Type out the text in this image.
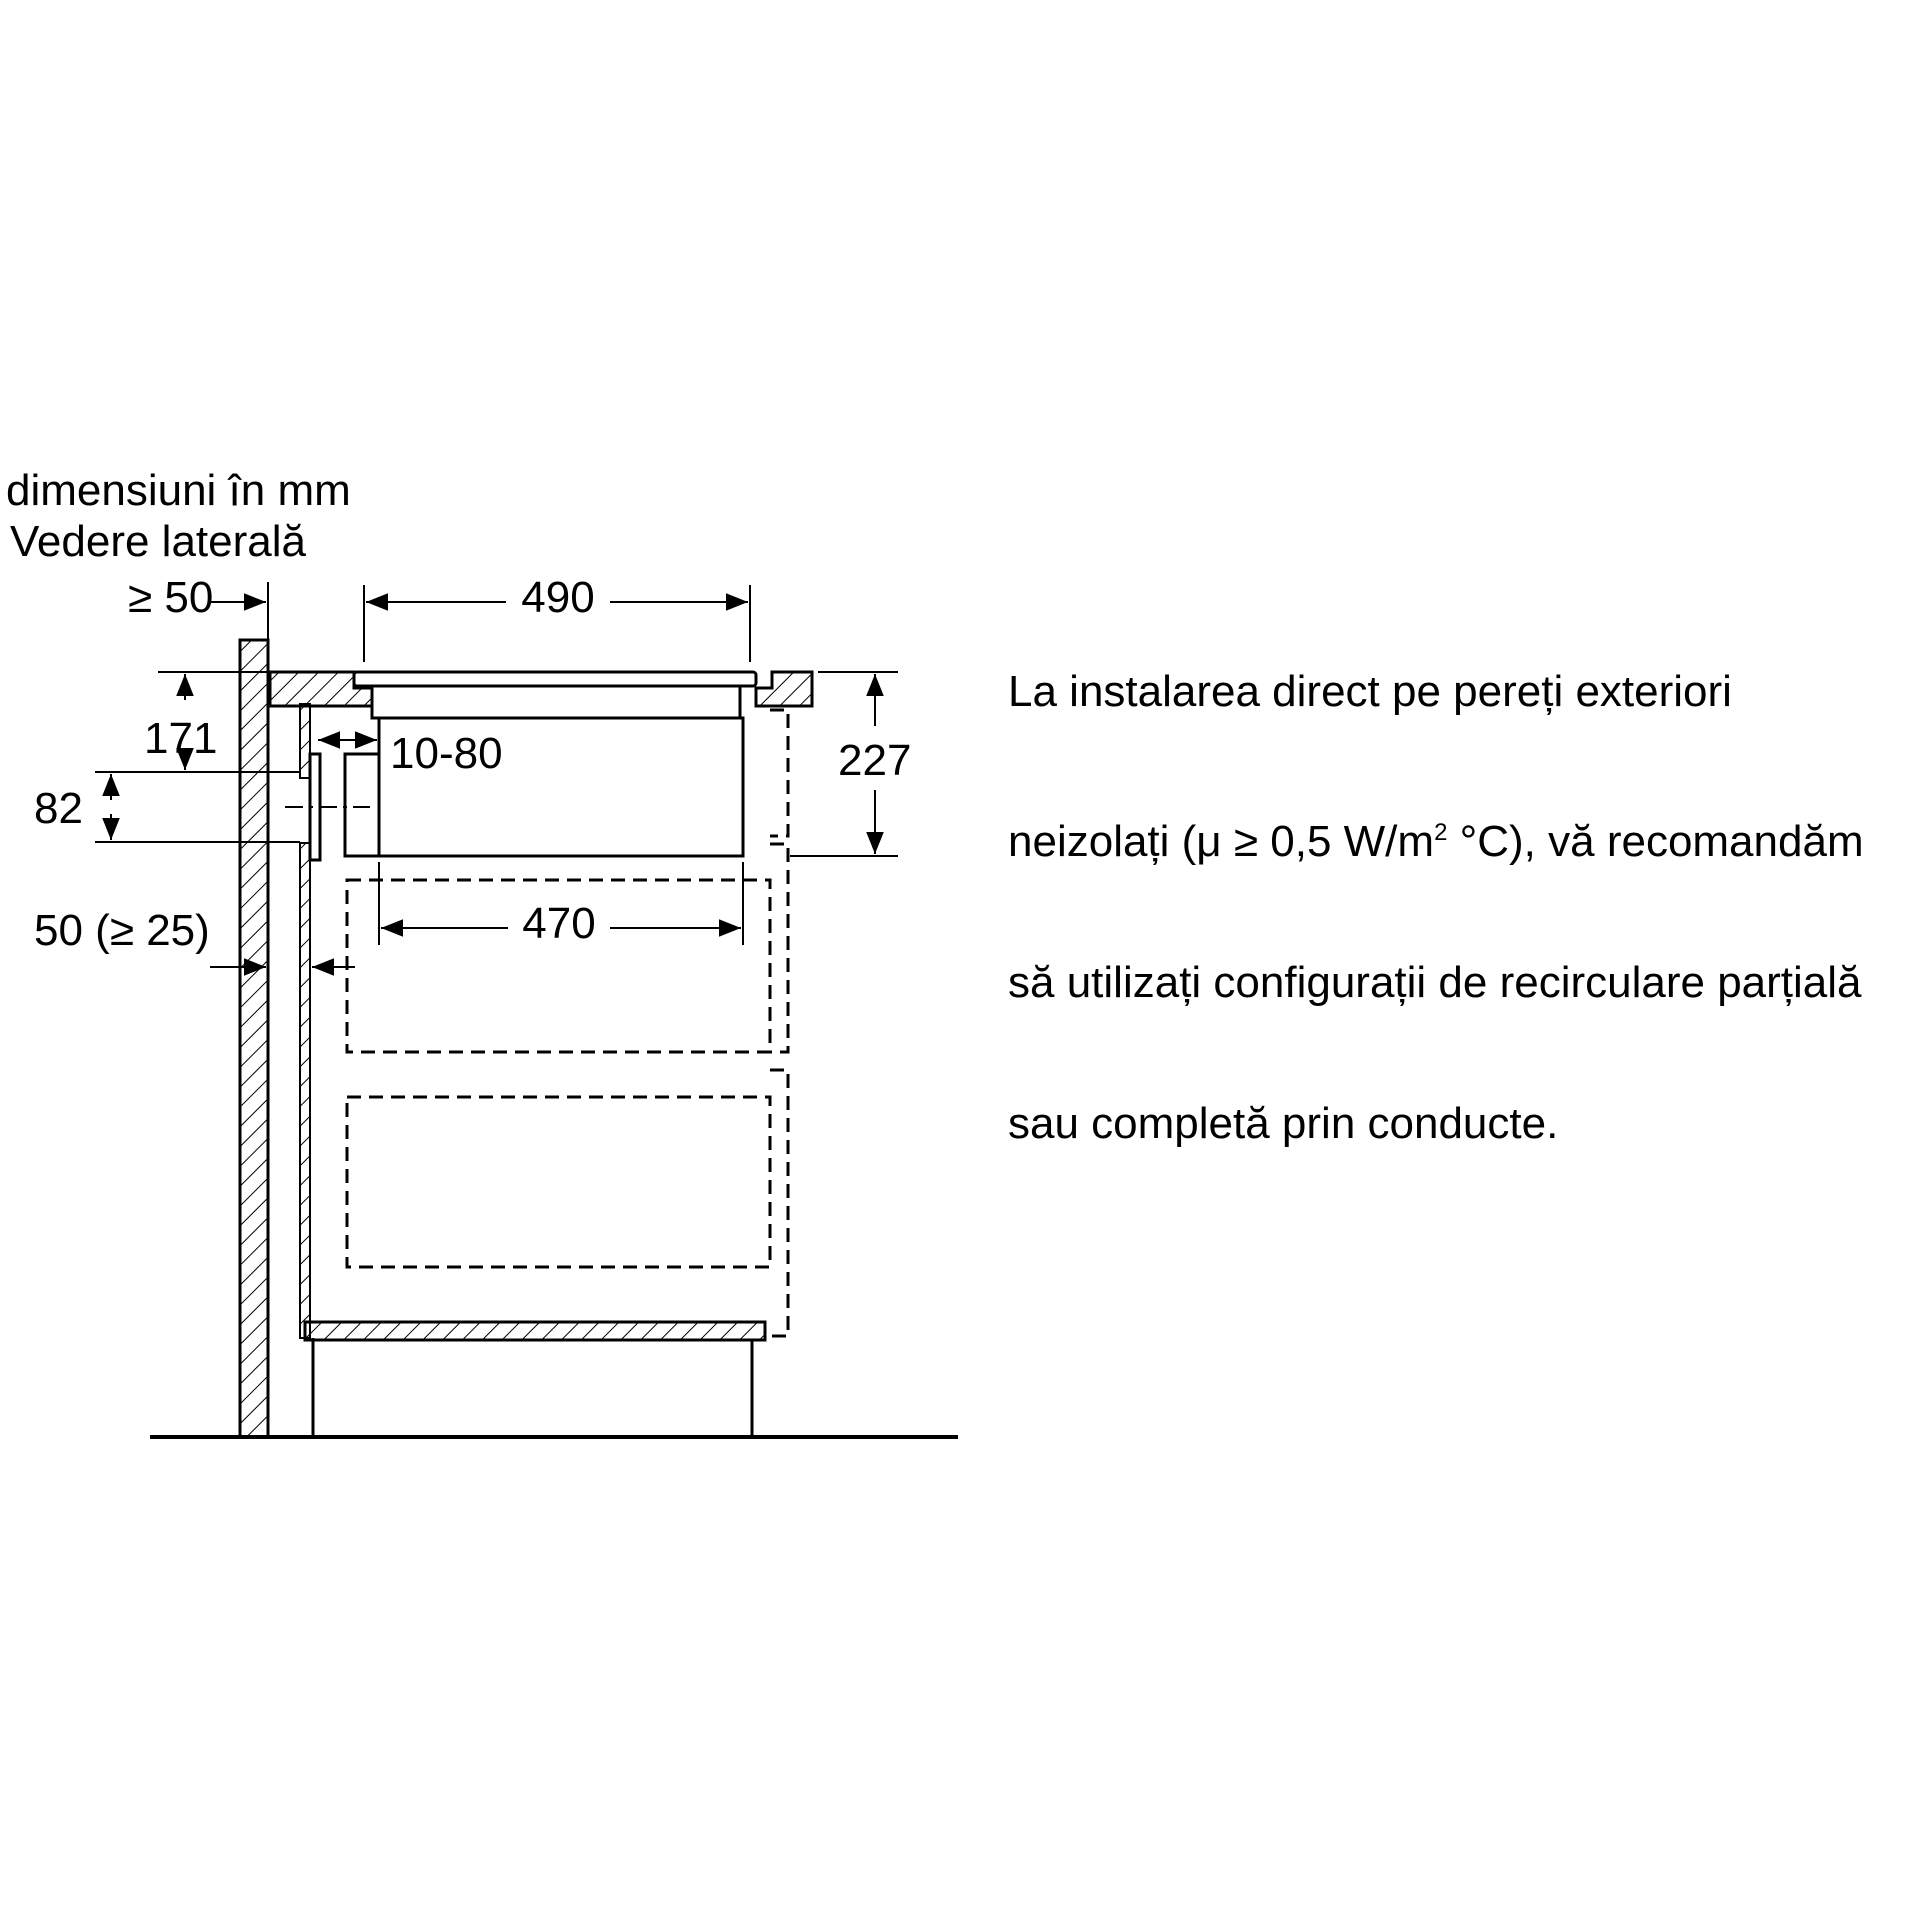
dimensiuni în mm
Vedere laterală
≥ 50	490
171	10-80
82
227
470
50 (≥ 25)

La instalarea direct pe pereți exteriori

neizolați (μ ≥ 0,5 $W/m^2$ °C), vă recomandăm

să utilizați configurații de recirculare parțială

sau completă prin conducte.
